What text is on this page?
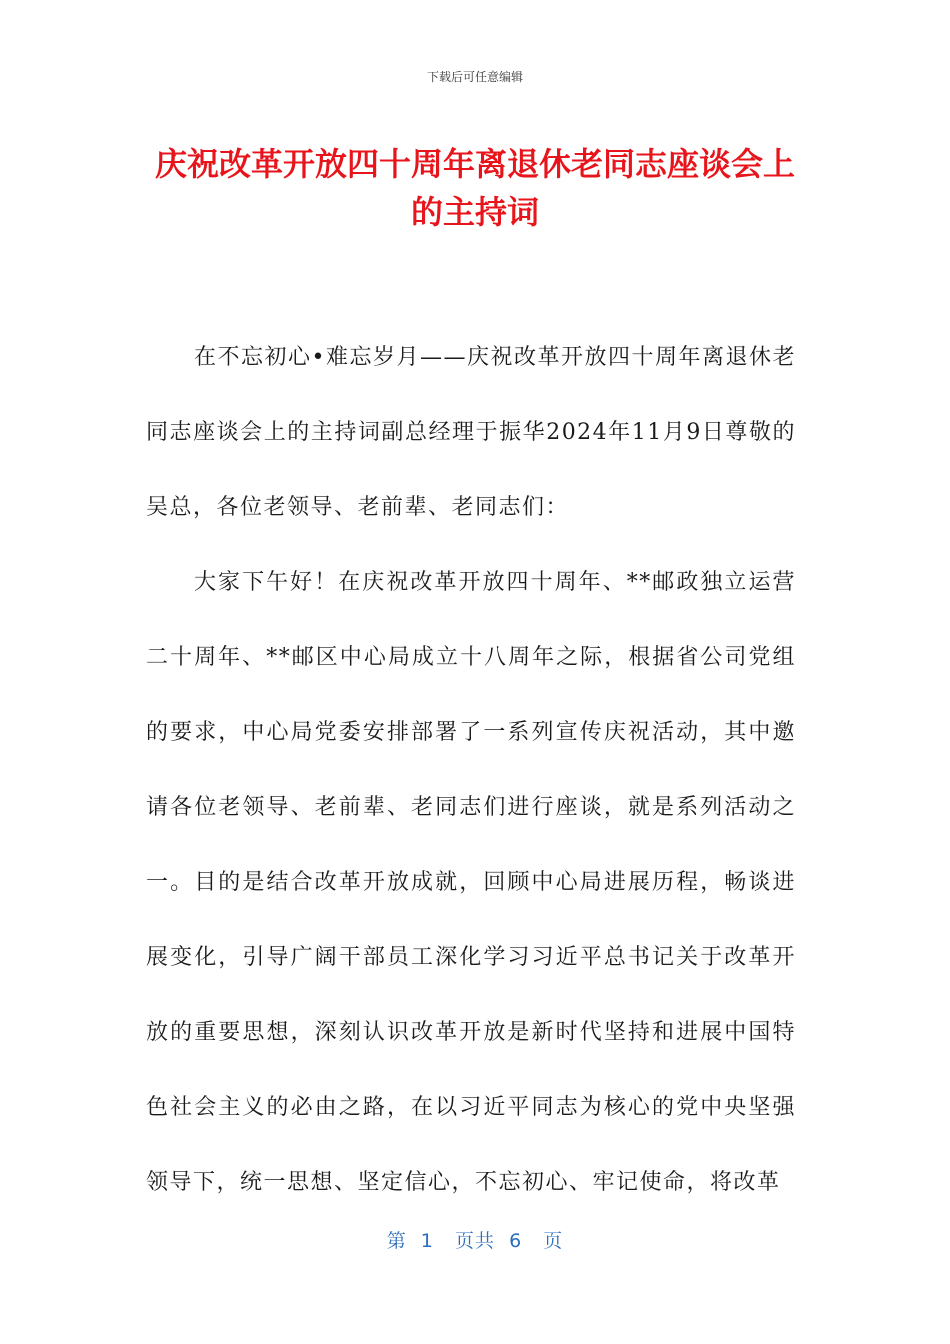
下载后可任意编辑
庆祝改革开放四十周年离退休老同志座谈会上的主持词

在不忘初心•难忘岁月——庆祝改革开放四十周年离退休老同志座谈会上的主持词副总经理于振华2024年11月9日尊敬的吴总，各位老领导、老前辈、老同志们：

大家下午好！在庆祝改革开放四十周年、**邮政独立运营二十周年、**邮区中心局成立十八周年之际，根据省公司党组的要求，中心局党委安排部署了一系列宣传庆祝活动，其中邀请各位老领导、老前辈、老同志们进行座谈，就是系列活动之一。目的是结合改革开放成就，回顾中心局进展历程，畅谈进展变化，引导广阔干部员工深化学习习近平总书记关于改革开放的重要思想，深刻认识改革开放是新时代坚持和进展中国特色社会主义的必由之路，在以习近平同志为核心的党中央坚强领导下，统一思想、坚定信心，不忘初心、牢记使命，将改革

第  1   页共  6   页
